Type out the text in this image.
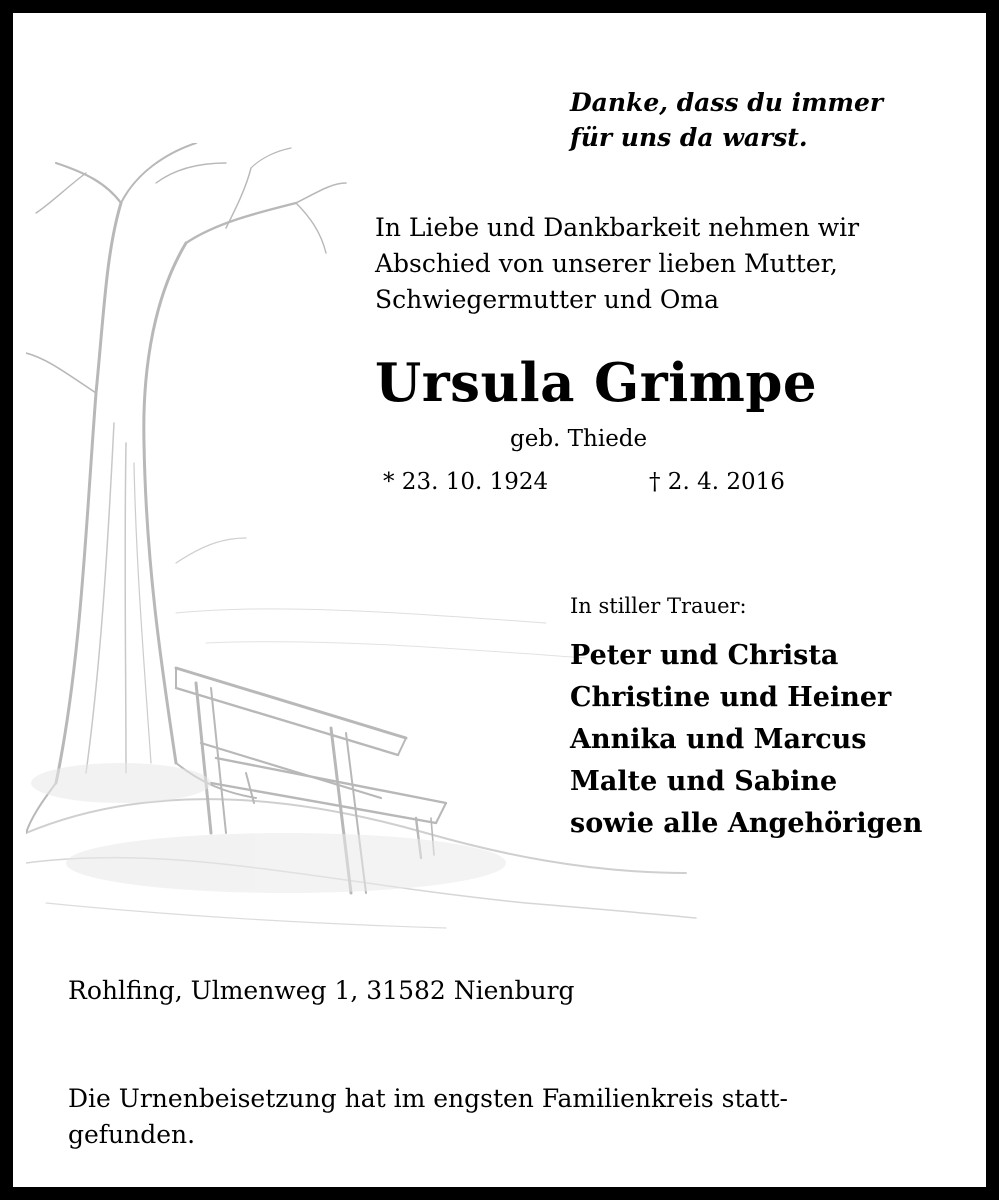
Danke, dass du immer
für uns da warst.

In Liebe und Dankbarkeit nehmen wir
Abschied von unserer lieben Mutter,
Schwiegermutter und Oma

Ursula Grimpe
geb. Thiede
* 23. 10. 1924	† 2. 4. 2016
In stiller Trauer:
Peter und Christa
Christine und Heiner
Annika und Marcus
Malte und Sabine
sowie alle Angehörigen
Rohlfing, Ulmenweg 1, 31582 Nienburg

Die Urnenbeisetzung hat im engsten Familienkreis statt-
gefunden.
